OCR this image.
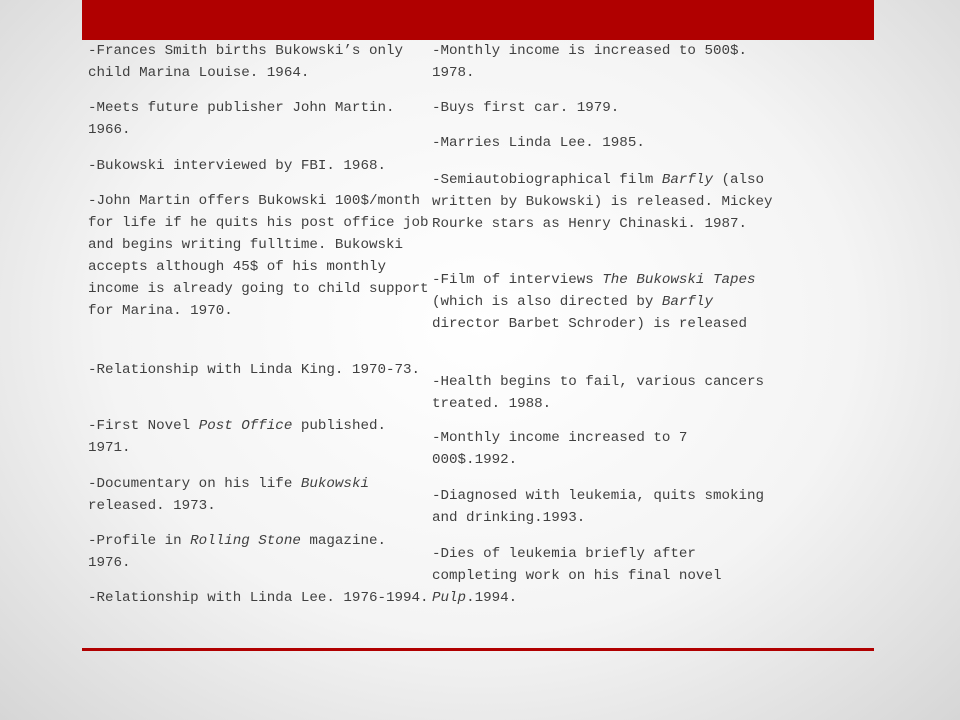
-Frances Smith births Bukowski’s only child Marina Louise. 1964.

-Meets future publisher John Martin. 1966.

-Bukowski interviewed by FBI. 1968.

-John Martin offers Bukowski 100$/month for life if he quits his post office job and begins writing fulltime. Bukowski accepts although 45$ of his monthly income is already going to child support for Marina. 1970.

-Relationship with Linda King. 1970-73.

-First Novel Post Office published. 1971.

-Documentary on his life Bukowski released. 1973.

-Profile in Rolling Stone magazine. 1976.

-Relationship with Linda Lee. 1976-1994.

-Monthly income is increased to 500$. 1978.

-Buys first car. 1979.

-Marries Linda Lee. 1985.

-Semiautobiographical film Barfly (also written by Bukowski) is released. Mickey Rourke stars as Henry Chinaski. 1987.

-Film of interviews The Bukowski Tapes (which is also directed by Barfly director Barbet Schroder) is released

-Health begins to fail, various cancers treated. 1988.

-Monthly income increased to 7 000$.1992.

-Diagnosed with leukemia, quits smoking and drinking.1993.

-Dies of leukemia briefly after completing work on his final novel Pulp.1994.
